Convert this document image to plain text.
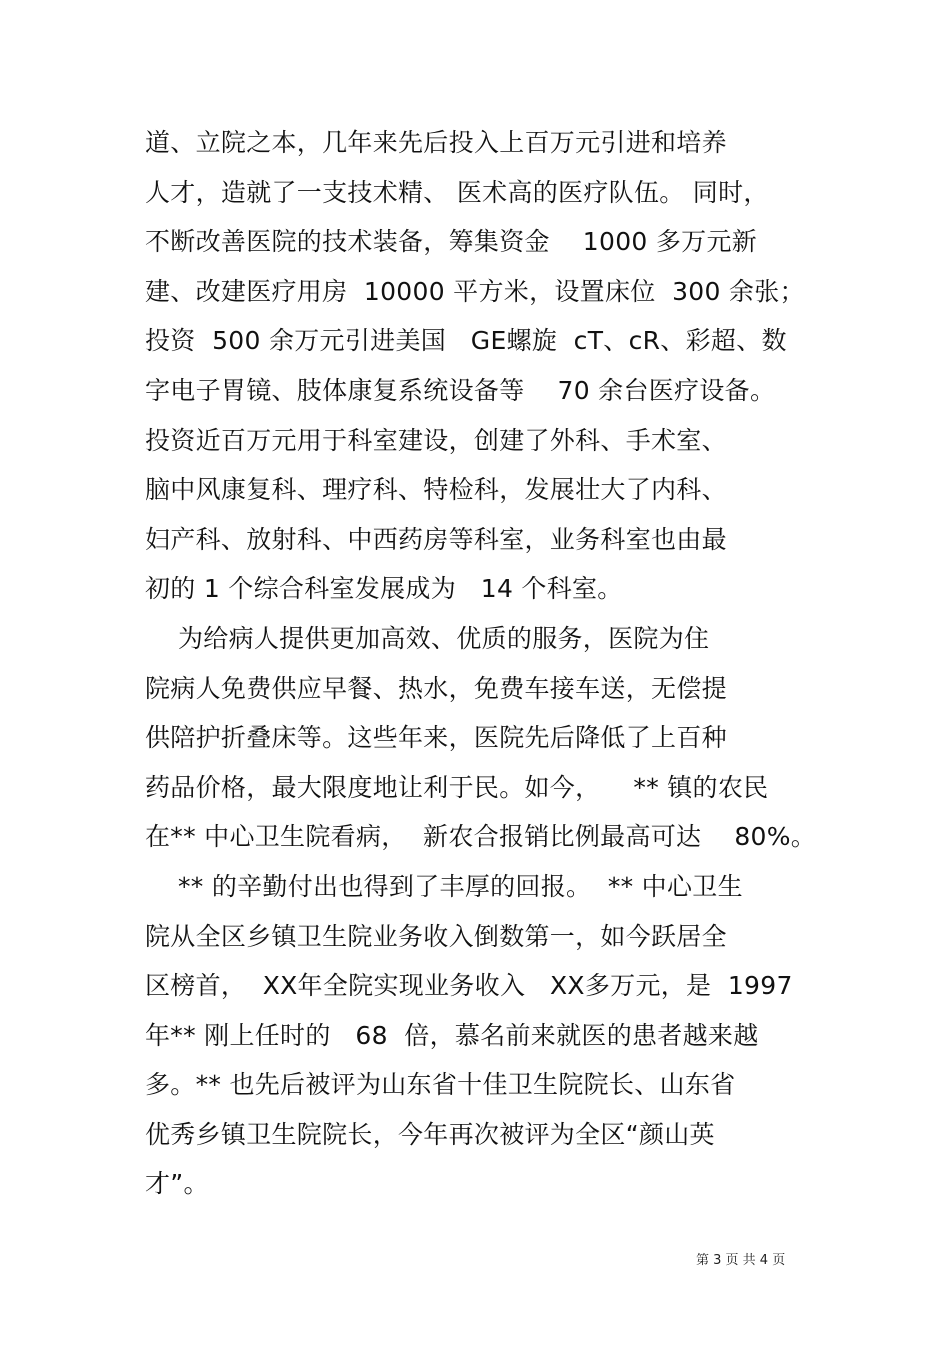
道、立院之本，几年来先后投入上百万元引进和培养
人才，造就了一支技术精、 医术高的医疗队伍。 同时，
不断改善医院的技术装备，筹集资金    1000 多万元新
建、改建医疗用房  10000 平方米，设置床位  300 余张；
投资  500 余万元引进美国   GE螺旋  cT、cR、彩超、数
字电子胃镜、肢体康复系统设备等    70 余台医疗设备。
投资近百万元用于科室建设，创建了外科、手术室、
脑中风康复科、理疗科、特检科，发展壮大了内科、
妇产科、放射科、中西药房等科室，业务科室也由最
初的 1 个综合科室发展成为   14 个科室。
为给病人提供更加高效、优质的服务，医院为住
院病人免费供应早餐、热水，免费车接车送，无偿提
供陪护折叠床等。这些年来，医院先后降低了上百种
药品价格，最大限度地让利于民。如今，    ** 镇的农民
在** 中心卫生院看病，  新农合报销比例最高可达    80%。
** 的辛勤付出也得到了丰厚的回报。  ** 中心卫生
院从全区乡镇卫生院业务收入倒数第一，如今跃居全
区榜首，  XX年全院实现业务收入   XX多万元，是  1997
年** 刚上任时的   68  倍，慕名前来就医的患者越来越
多。** 也先后被评为山东省十佳卫生院院长、山东省
优秀乡镇卫生院院长，今年再次被评为全区“颜山英
才”。
第 3 页 共 4 页
